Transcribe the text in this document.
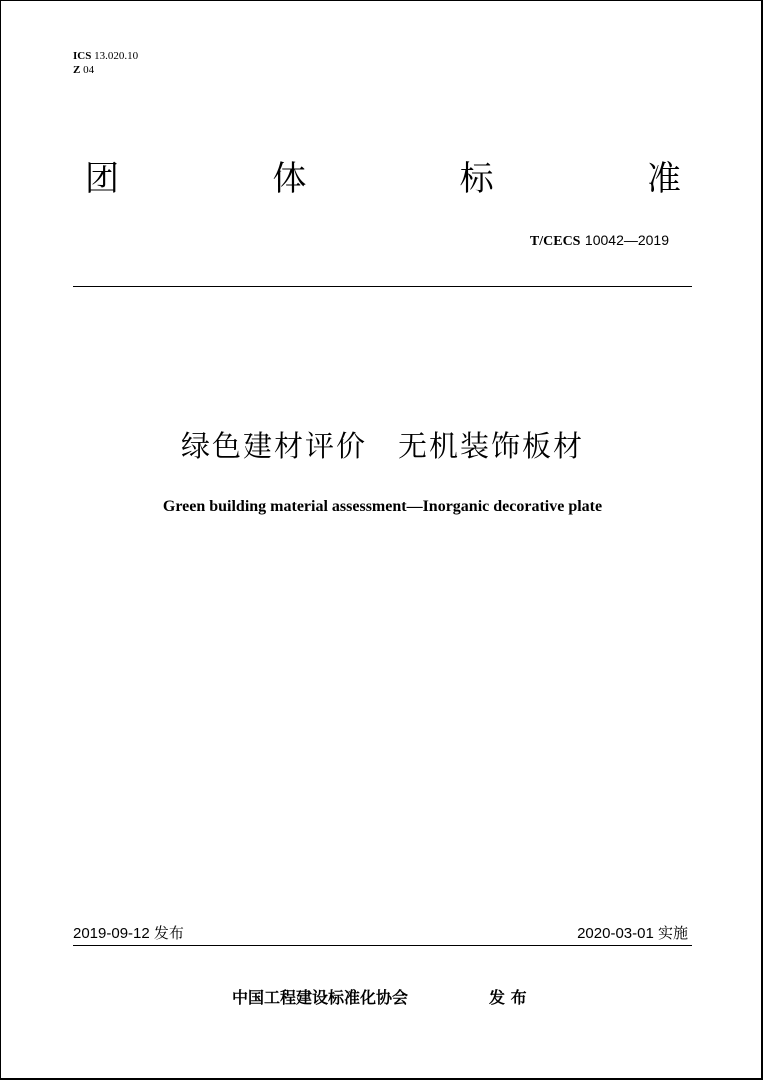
ICS 13.020.10
Z 04
团	体	标	准
T/CECS 10042—2019
绿色建材评价　无机装饰板材
Green building material assessment—Inorganic decorative plate
2019-09-12 发布	2020-03-01 实施
中国工程建设标准化协会	发 布
